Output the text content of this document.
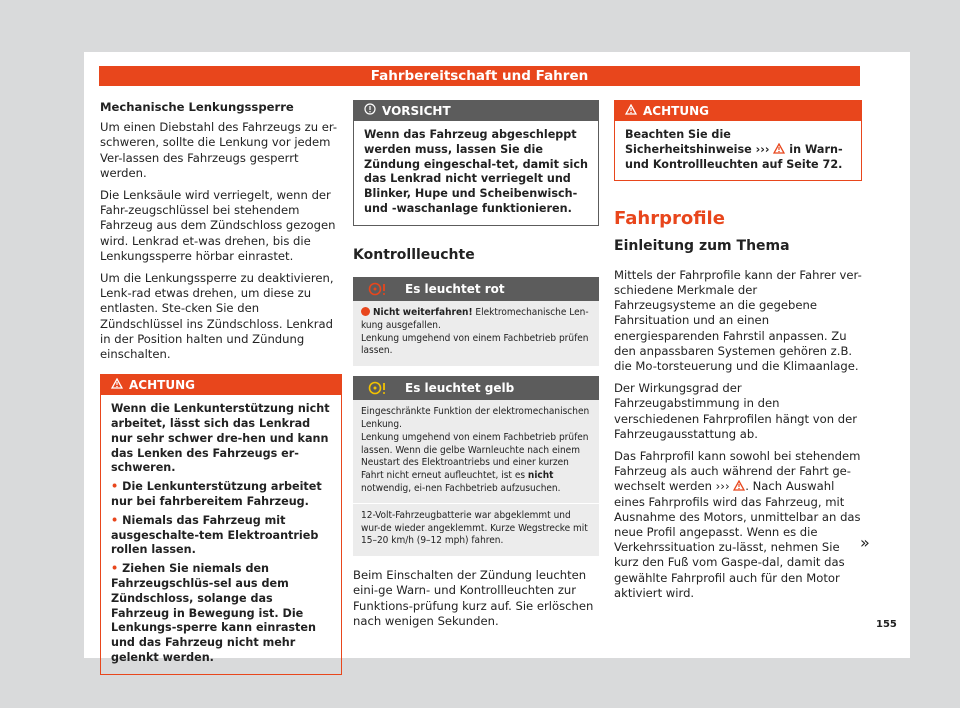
Fahrbereitschaft und Fahren
Mechanische Lenkungssperre

Um einen Diebstahl des Fahrzeugs zu er-schweren, sollte die Lenkung vor jedem Ver-lassen des Fahrzeugs gesperrt werden.

Die Lenksäule wird verriegelt, wenn der Fahr-zeugschlüssel bei stehendem Fahrzeug aus dem Zündschloss gezogen wird. Lenkrad et-was drehen, bis die Lenkungssperre hörbar einrastet.

Um die Lenkungssperre zu deaktivieren, Lenk-rad etwas drehen, um diese zu entlasten. Ste-cken Sie den Zündschlüssel ins Zündschloss. Lenkrad in der Position halten und Zündung einschalten.

ACHTUNG
Wenn die Lenkunterstützung nicht arbeitet, lässt sich das Lenkrad nur sehr schwer dre-hen und kann das Lenken des Fahrzeugs er-schweren.
• Die Lenkunterstützung arbeitet nur bei fahrbereitem Fahrzeug.
• Niemals das Fahrzeug mit ausgeschalte-tem Elektroantrieb rollen lassen.
• Ziehen Sie niemals den Fahrzeugschlüs-sel aus dem Zündschloss, solange das Fahrzeug in Bewegung ist. Die Lenkungs-sperre kann einrasten und das Fahrzeug nicht mehr gelenkt werden.
VORSICHT
Wenn das Fahrzeug abgeschleppt werden muss, lassen Sie die Zündung eingeschal-tet, damit sich das Lenkrad nicht verriegelt und Blinker, Hupe und Scheibenwisch- und -waschanlage funktionieren.
Kontrollleuchte
Es leuchtet rot
Nicht weiterfahren! Elektromechanische Len-kung ausgefallen.
Lenkung umgehend von einem Fachbetrieb prüfen lassen.
Es leuchtet gelb
Eingeschränkte Funktion der elektromechanischen Lenkung.
Lenkung umgehend von einem Fachbetrieb prüfen lassen. Wenn die gelbe Warnleuchte nach einem Neustart des Elektroantriebs und einer kurzen Fahrt nicht erneut aufleuchtet, ist es nicht notwendig, ei-nen Fachbetrieb aufzusuchen.
12-Volt-Fahrzeugbatterie war abgeklemmt und wur-de wieder angeklemmt. Kurze Wegstrecke mit 15–20 km/h (9–12 mph) fahren.

Beim Einschalten der Zündung leuchten eini-ge Warn- und Kontrollleuchten zur Funktions-prüfung kurz auf. Sie erlöschen nach wenigen Sekunden.

ACHTUNG
Beachten Sie die Sicherheitshinweise ››› in Warn- und Kontrollleuchten auf Seite 72.
Fahrprofile
Einleitung zum Thema

Mittels der Fahrprofile kann der Fahrer ver-schiedene Merkmale der Fahrzeugsysteme an die gegebene Fahrsituation und an einen energiesparenden Fahrstil anpassen. Zu den anpassbaren Systemen gehören z.B. die Mo-torsteuerung und die Klimaanlage.

Der Wirkungsgrad der Fahrzeugabstimmung in den verschiedenen Fahrprofilen hängt von der Fahrzeugausstattung ab.

Das Fahrprofil kann sowohl bei stehendem Fahrzeug als auch während der Fahrt ge-wechselt werden ››› . Nach Auswahl eines Fahrprofils wird das Fahrzeug, mit Ausnahme des Motors, unmittelbar an das neue Profil angepasst. Wenn es die Verkehrssituation zu-lässt, nehmen Sie kurz den Fuß vom Gaspe-dal, damit das gewählte Fahrprofil auch für den Motor aktiviert wird.

»
155
